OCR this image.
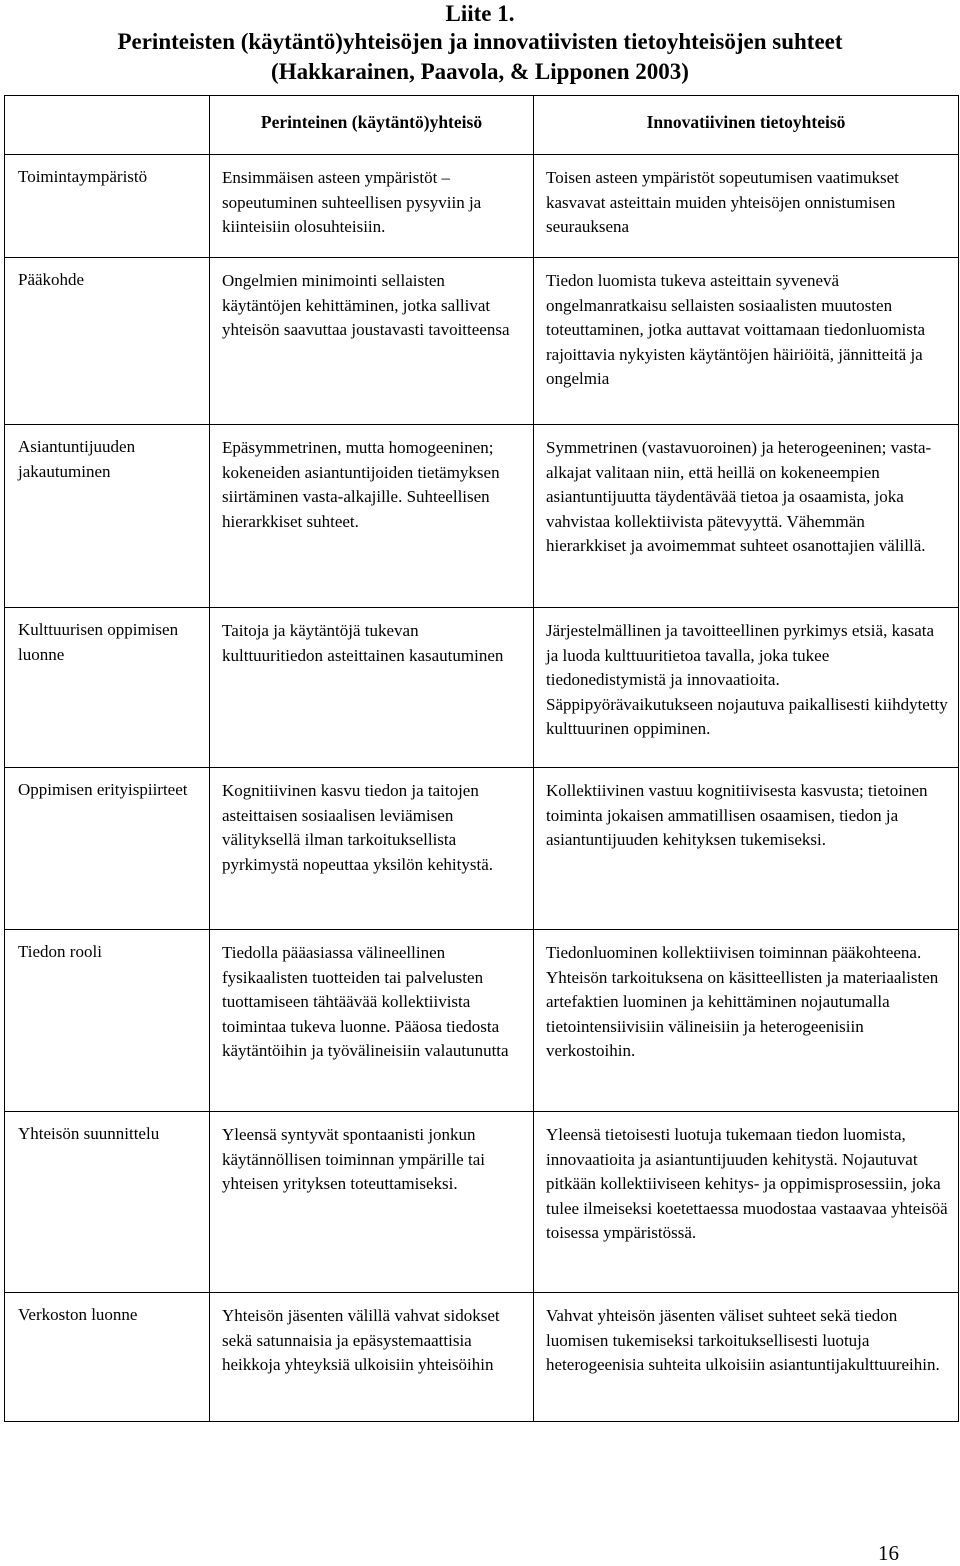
Liite 1.
Perinteisten (käytäntö)yhteisöjen ja innovatiivisten tietoyhteisöjen suhteet
(Hakkarainen, Paavola, & Lipponen 2003)

	Perinteinen (käytäntö)yhteisö	Innovatiivinen tietoyhteisö

Toimintaympäristö	Ensimmäisen asteen ympäristöt – sopeutuminen suhteellisen pysyviin ja kiinteisiin olosuhteisiin.	Toisen asteen ympäristöt sopeutumisen vaatimukset kasvavat asteittain muiden yhteisöjen onnistumisen seurauksena
Pääkohde	Ongelmien minimointi sellaisten käytäntöjen kehittäminen, jotka sallivat yhteisön saavuttaa joustavasti tavoitteensa	Tiedon luomista tukeva asteittain syvenevä ongelmanratkaisu sellaisten sosiaalisten muutosten toteuttaminen, jotka auttavat voittamaan tiedonluomista rajoittavia nykyisten käytäntöjen häiriöitä, jännitteitä ja ongelmia
Asiantuntijuuden jakautuminen	Epäsymmetrinen, mutta homogeeninen; kokeneiden asiantuntijoiden tietämyksen siirtäminen vasta-alkajille. Suhteellisen hierarkkiset suhteet.	Symmetrinen (vastavuoroinen) ja heterogeeninen; vasta-alkajat valitaan niin, että heillä on kokeneempien asiantuntijuutta täydentävää tietoa ja osaamista, joka vahvistaa kollektiivista pätevyyttä. Vähemmän hierarkkiset ja avoimemmat suhteet osanottajien välillä.
Kulttuurisen oppimisen luonne	Taitoja ja käytäntöjä tukevan kulttuuritiedon asteittainen kasautuminen	Järjestelmällinen ja tavoitteellinen pyrkimys etsiä, kasata ja luoda kulttuuritietoa tavalla, joka tukee tiedonedistymistä ja innovaatioita. Säppipyörävaikutukseen nojautuva paikallisesti kiihdytetty kulttuurinen oppiminen.
Oppimisen erityispiirteet	Kognitiivinen kasvu tiedon ja taitojen asteittaisen sosiaalisen leviämisen välityksellä ilman tarkoituksellista pyrkimystä nopeuttaa yksilön kehitystä.	Kollektiivinen vastuu kognitiivisesta kasvusta; tietoinen toiminta jokaisen ammatillisen osaamisen, tiedon ja asiantuntijuuden kehityksen tukemiseksi.
Tiedon rooli	Tiedolla pääasiassa välineellinen fysikaalisten tuotteiden tai palvelusten tuottamiseen tähtäävää kollektiivista toimintaa tukeva luonne. Pääosa tiedosta käytäntöihin ja työvälineisiin valautunutta	Tiedonluominen kollektiivisen toiminnan pääkohteena. Yhteisön tarkoituksena on käsitteellisten ja materiaalisten artefaktien luominen ja kehittäminen nojautumalla tietointensiivisiin välineisiin ja heterogeenisiin verkostoihin.
Yhteisön suunnittelu	Yleensä syntyvät spontaanisti jonkun käytännöllisen toiminnan ympärille tai yhteisen yrityksen toteuttamiseksi.	Yleensä tietoisesti luotuja tukemaan tiedon luomista, innovaatioita ja asiantuntijuuden kehitystä. Nojautuvat pitkään kollektiiviseen kehitys- ja oppimisprosessiin, joka tulee ilmeiseksi koetettaessa muodostaa vastaavaa yhteisöä toisessa ympäristössä.
Verkoston luonne	Yhteisön jäsenten välillä vahvat sidokset sekä satunnaisia ja epäsystemaattisia heikkoja yhteyksiä ulkoisiin yhteisöihin	Vahvat yhteisön jäsenten väliset suhteet sekä tiedon luomisen tukemiseksi tarkoituksellisesti luotuja heterogeenisia suhteita ulkoisiin asiantuntijakulttuureihin.
16
